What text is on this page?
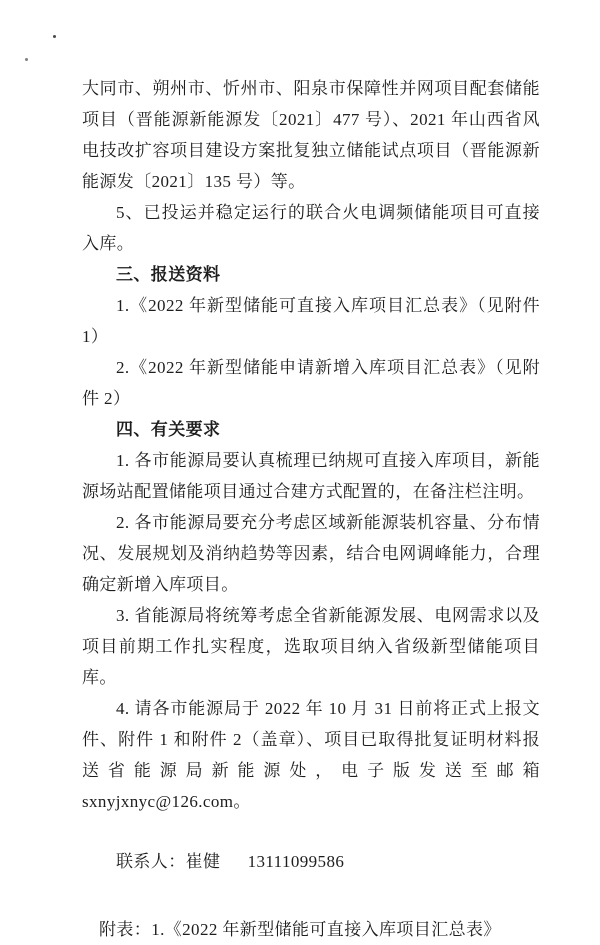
大同市、朔州市、忻州市、阳泉市保障性并网项目配套储能项目（晋能源新能源发〔2021〕477 号）、2021 年山西省风电技改扩容项目建设方案批复独立储能试点项目（晋能源新能源发〔2021〕135 号）等。

5、已投运并稳定运行的联合火电调频储能项目可直接入库。

三、报送资料

1.《2022 年新型储能可直接入库项目汇总表》（见附件 1）

2.《2022 年新型储能申请新增入库项目汇总表》（见附件 2）

四、有关要求

1. 各市能源局要认真梳理已纳规可直接入库项目，新能源场站配置储能项目通过合建方式配置的，在备注栏注明。

2. 各市能源局要充分考虑区域新能源装机容量、分布情况、发展规划及消纳趋势等因素，结合电网调峰能力，合理确定新增入库项目。

3. 省能源局将统筹考虑全省新能源发展、电网需求以及项目前期工作扎实程度，选取项目纳入省级新型储能项目库。

4. 请各市能源局于 2022 年 10 月 31 日前将正式上报文件、附件 1 和附件 2（盖章）、项目已取得批复证明材料报送省能源局新能源处，电子版发送至邮箱 sxnyjxnyc@126.com。

联系人：崔健 13111099586

附表：1.《2022 年新型储能可直接入库项目汇总表》
